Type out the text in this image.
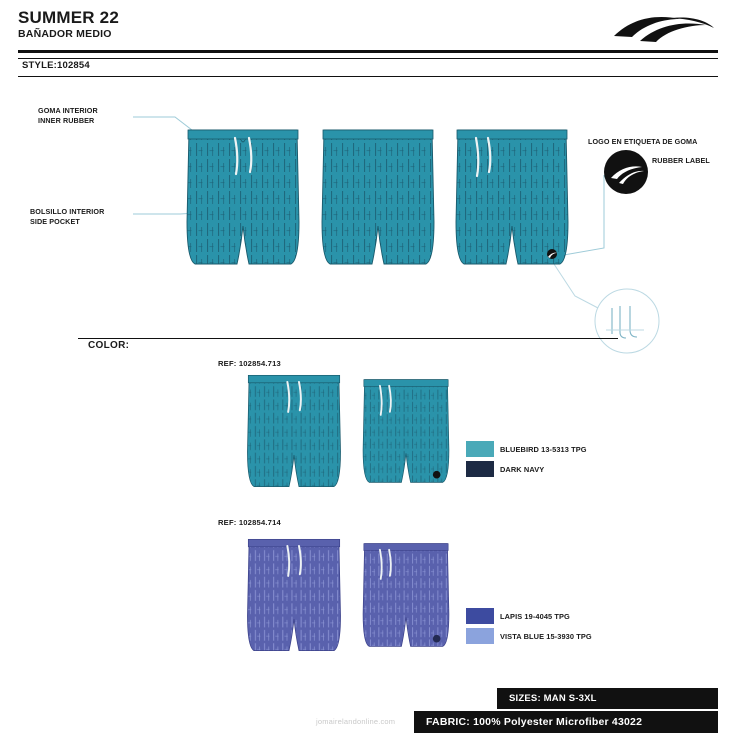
SUMMER 22
BAÑADOR MEDIO
STYLE:102854
GOMA INTERIOR
INNER RUBBER
BOLSILLO INTERIOR
SIDE POCKET
LOGO EN ETIQUETA DE GOMA
RUBBER LABEL
COLOR:
REF: 102854.713
BLUEBIRD 13-5313 TPG
DARK NAVY
REF: 102854.714
LAPIS 19-4045 TPG
VISTA BLUE 15-3930 TPG
jomairelandonline.com
SIZES: MAN S-3XL
FABRIC: 100% Polyester Microfiber 43022
